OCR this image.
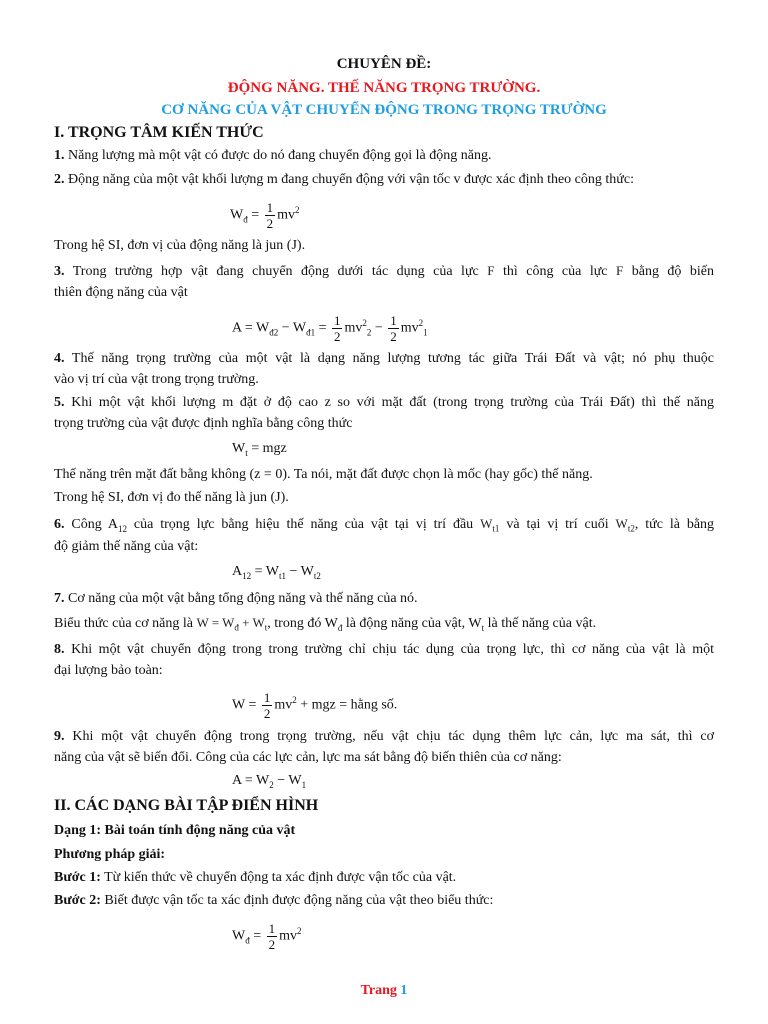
CHUYÊN ĐỀ:
ĐỘNG NĂNG. THẾ NĂNG TRỌNG TRƯỜNG.
CƠ NĂNG CỦA VẬT CHUYỂN ĐỘNG TRONG TRỌNG TRƯỜNG
I. TRỌNG TÂM KIẾN THỨC
1. Năng lượng mà một vật có được do nó đang chuyển động gọi là động năng.
2. Động năng của một vật khối lượng m đang chuyển động với vận tốc v được xác định theo công thức:
$W_đ = \frac{1}{2} mv^2$
Trong hệ SI, đơn vị của động năng là jun (J).
3. Trong trường hợp vật đang chuyển động dưới tác dụng của lực F thì công của lực F bằng độ biến
thiên động năng của vật
$A = W_{đ2} - W_{đ1} = \frac{1}{2} mv^2_2 - \frac{1}{2} mv^2_1$
4. Thế năng trọng trường của một vật là dạng năng lượng tương tác giữa Trái Đất và vật; nó phụ thuộc
vào vị trí của vật trong trọng trường.
5. Khi một vật khối lượng m đặt ở độ cao z so với mặt đất (trong trọng trường của Trái Đất) thì thế năng
trọng trường của vật được định nghĩa bằng công thức
$W_t$ = mgz
Thế năng trên mặt đất bằng không (z = 0). Ta nói, mặt đất được chọn là mốc (hay gốc) thế năng.
Trong hệ SI, đơn vị đo thế năng là jun (J).
6. Công $A_{12}$ của trọng lực bằng hiệu thế năng của vật tại vị trí đầu $W_{t1}$ và tại vị trí cuối $W_{t2}$, tức là bằng
độ giảm thế năng của vật:
$A_{12} = W_{t1} - W_{t2}$
7. Cơ năng của một vật bằng tổng động năng và thế năng của nó.
Biểu thức của cơ năng là $W = W_đ + W_t$, trong đó $W_đ$ là động năng của vật, $W_t$ là thế năng của vật.
8. Khi một vật chuyển động trong trong trường chỉ chịu tác dụng của trọng lực, thì cơ năng của vật là một
đại lượng bảo toàn:
$W = \frac{1}{2} mv^2$ + mgz = hằng số.
9. Khi một vật chuyển động trong trọng trường, nếu vật chịu tác dụng thêm lực cản, lực ma sát, thì cơ
năng của vật sẽ biến đổi. Công của các lực cản, lực ma sát bằng độ biến thiên của cơ năng:
$A = W_2 - W_1$
II. CÁC DẠNG BÀI TẬP ĐIỂN HÌNH
Dạng 1: Bài toán tính động năng của vật
Phương pháp giải:
Bước 1: Từ kiến thức về chuyển động ta xác định được vận tốc của vật.
Bước 2: Biết được vận tốc ta xác định được động năng của vật theo biểu thức:
$W_đ = \frac{1}{2} mv^2$
Trang 1
